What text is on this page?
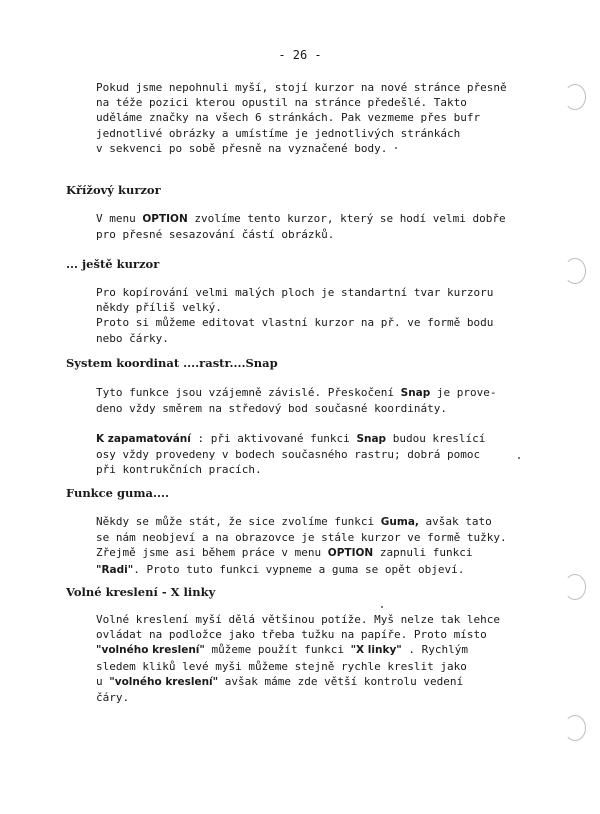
- 26 -
Pokud jsme nepohnuli myší, stojí kurzor na nové stránce přesně
na téže pozici kterou opustil na stránce předešlé. Takto
uděláme značky na všech 6 stránkách. Pak vezmeme přes bufr
jednotlivé obrázky a umístíme je jednotlivých stránkách
v sekvenci po sobě přesně na vyznačené body.
Křížový kurzor
V menu OPTION zvolíme tento kurzor, který se hodí velmi dobře
pro přesné sesazování částí obrázků.
... ještě kurzor
Pro kopírování velmi malých ploch je standartní tvar kurzoru
někdy příliš velký.
Proto si můžeme editovat vlastní kurzor na př. ve formě bodu
nebo čárky.
System koordinat ....rastr....Snap
Tyto funkce jsou vzájemně závislé. Přeskočení Snap je prove-
deno vždy směrem na středový bod současné koordináty.
K zapamatování : při aktivované funkci Snap budou kreslící
osy vždy provedeny v bodech současného rastru; dobrá pomoc
při kontrukčních pracích.
Funkce guma....
Někdy se může stát, že sice zvolíme funkci Guma, avšak tato
se nám neobjeví a na obrazovce je stále kurzor ve formě tužky.
Zřejmě jsme asi během práce v menu OPTION zapnuli funkci
"Radi". Proto tuto funkci vypneme a guma se opět objeví.
Volné kreslení - X linky
Volné kreslení myší dělá většinou potíže. Myš nelze tak lehce
ovládat na podložce jako třeba tužku na papíře. Proto místo
"volného kreslení" můžeme použít funkci "X linky" . Rychlým
sledem kliků levé myši můžeme stejně rychle kreslit jako
u "volného kreslení" avšak máme zde větší kontrolu vedení
čáry.
